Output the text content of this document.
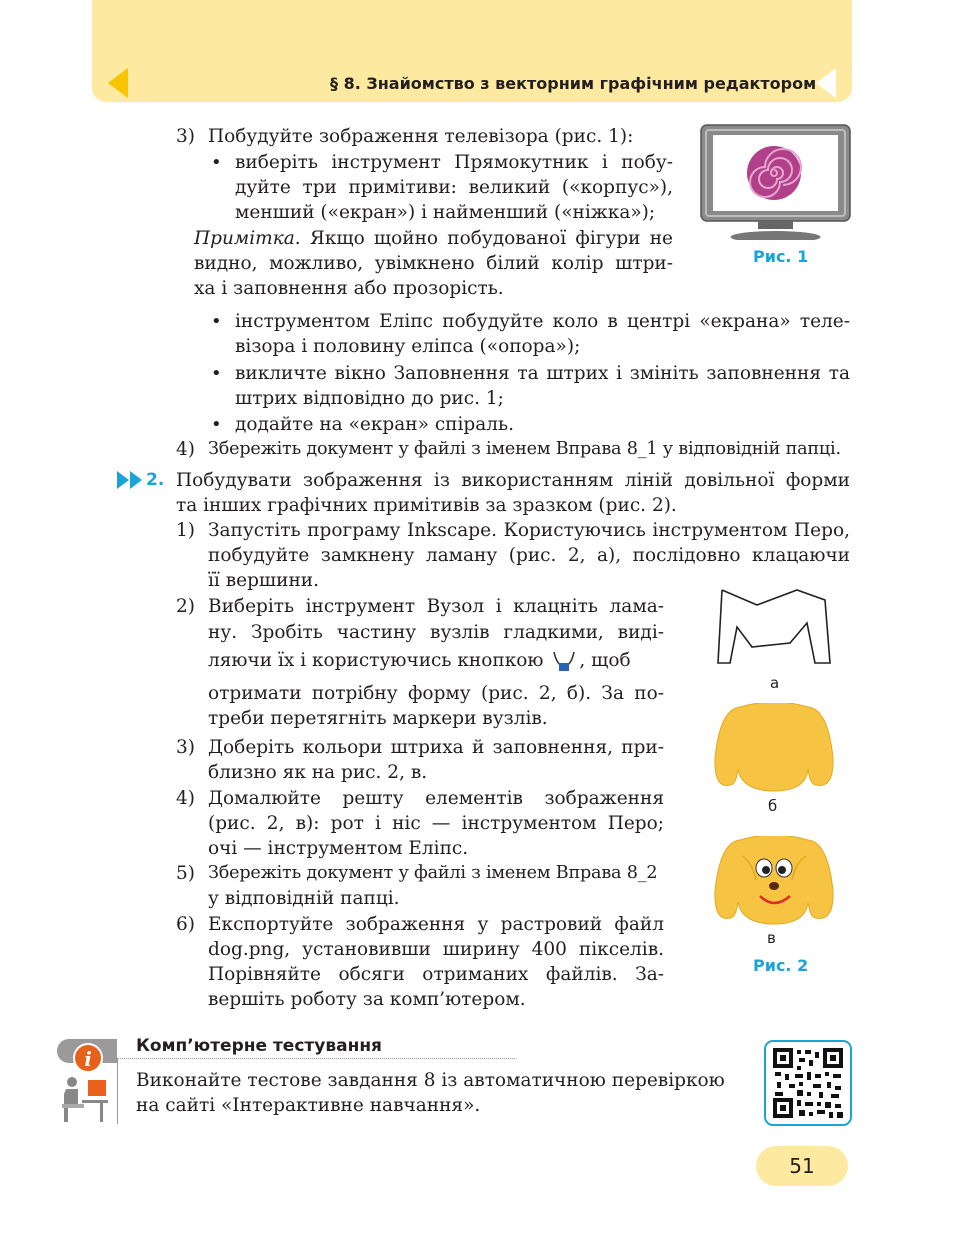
§ 8. Знайомство з векторним графічним редактором
3) Побудуйте зображення телевізора (рис. 1):
• виберіть інструмент Прямокутник і побу-
дуйте три примітиви: великий («корпус»),
менший («екран») і найменший («ніжка»);
Примітка. Якщо щойно побудованої фігури не
видно, можливо, увімкнено білий колір штри-
ха і заповнення або прозорість.
• інструментом Еліпс побудуйте коло в центрі «екрана» теле-
візора і половину еліпса («опора»);
• викличте вікно Заповнення та штрих і змініть заповнення та
штрих відповідно до рис. 1;
• додайте на «екран» спіраль.
4) Збережіть документ у файлі з іменем Вправа 8_1 у відповідній папці.
Рис. 1
2. Побудувати зображення із використанням ліній довільної форми
та інших графічних примітивів за зразком (рис. 2).
1) Запустіть програму Inkscape. Користуючись інструментом Перо,
побудуйте замкнену ламану (рис. 2, а), послідовно клацаючи
її вершини.
2) Виберіть інструмент Вузол і клацніть лама-
ну. Зробіть частину вузлів гладкими, виді-
ляючи їх і користуючись кнопкою , щоб
отримати потрібну форму (рис. 2, б). За по-
треби перетягніть маркери вузлів.
3) Доберіть кольори штриха й заповнення, при-
близно як на рис. 2, в.
4) Домалюйте решту елементів зображення
(рис. 2, в): рот і ніс — інструментом Перо;
очі — інструментом Еліпс.
5) Збережіть документ у файлі з іменем Вправа 8_2
у відповідній папці.
6) Експортуйте зображення у растровий файл
dog.png, установивши ширину 400 пікселів.
Порівняйте обсяги отриманих файлів. За-
вершіть роботу за комп’ютером.
а
б
в
Рис. 2
i
Комп’ютерне тестування
Виконайте тестове завдання 8 із автоматичною перевіркою
на сайті «Інтерактивне навчання».
51
